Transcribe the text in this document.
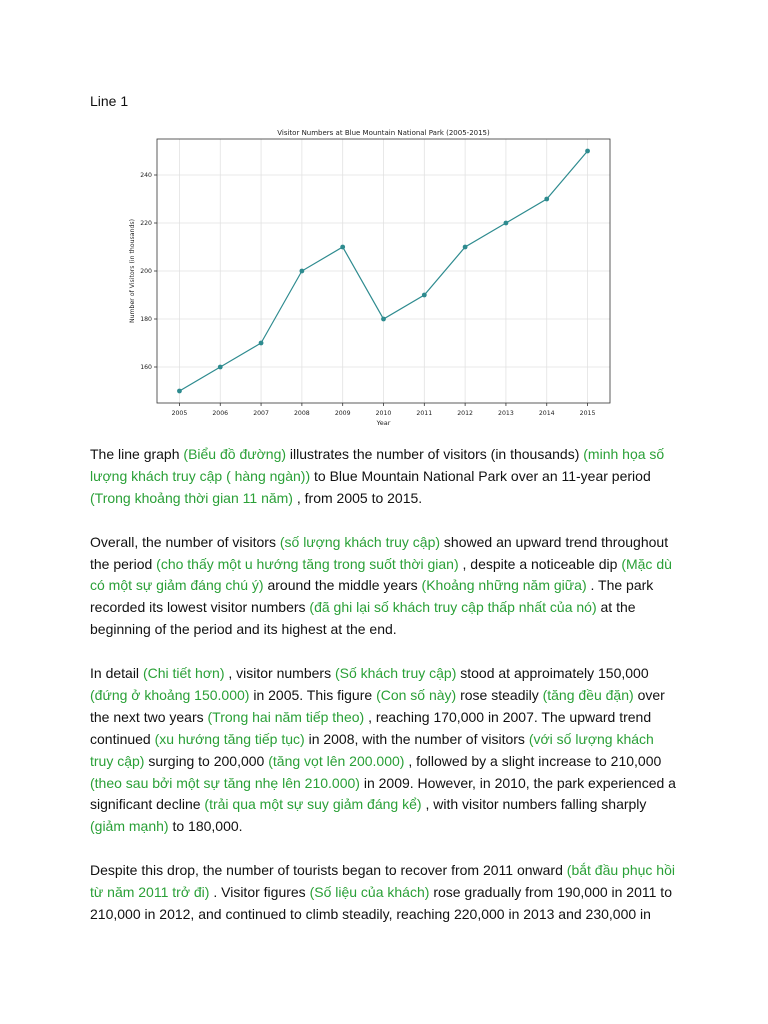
Line 1
2005	2006	2007	2008	2009	2010	2011	2012	2013	2014	2015
160
180
200
220
240
Visitor Numbers at Blue Mountain National Park (2005-2015)
Year
Number of Visitors (in thousands)

The line graph (Biểu đồ đường) illustrates the number of visitors (in thousands) (minh họa số lượng khách truy cập ( hàng ngàn)) to Blue Mountain National Park over an 11-year period (Trong khoảng thời gian 11 năm) , from 2005 to 2015.

Overall, the number of visitors (số lượng khách truy cập) showed an upward trend throughout the period (cho thấy một u hướng tăng trong suốt thời gian) , despite a noticeable dip (Mặc dù có một sự giảm đáng chú ý) around the middle years (Khoảng những năm giữa) . The park recorded its lowest visitor numbers (đã ghi lại số khách truy cập thấp nhất của nó) at the beginning of the period and its highest at the end.

In detail (Chi tiết hơn) , visitor numbers (Số khách truy cập) stood at approimately 150,000 (đứng ở khoảng 150.000) in 2005. This figure (Con số này) rose steadily (tăng đều đặn) over the next two years (Trong hai năm tiếp theo) , reaching 170,000 in 2007. The upward trend continued (xu hướng tăng tiếp tục) in 2008, with the number of visitors (với số lượng khách truy cập) surging to 200,000 (tăng vọt lên 200.000) , followed by a slight increase to 210,000 (theo sau bởi một sự tăng nhẹ lên 210.000) in 2009. However, in 2010, the park experienced a significant decline (trải qua một sự suy giảm đáng kể) , with visitor numbers falling sharply (giảm mạnh) to 180,000.

Despite this drop, the number of tourists began to recover from 2011 onward (bắt đầu phục hồi từ năm 2011 trở đi) . Visitor figures (Số liệu của khách) rose gradually from 190,000 in 2011 to 210,000 in 2012, and continued to climb steadily, reaching 220,000 in 2013 and 230,000 in
